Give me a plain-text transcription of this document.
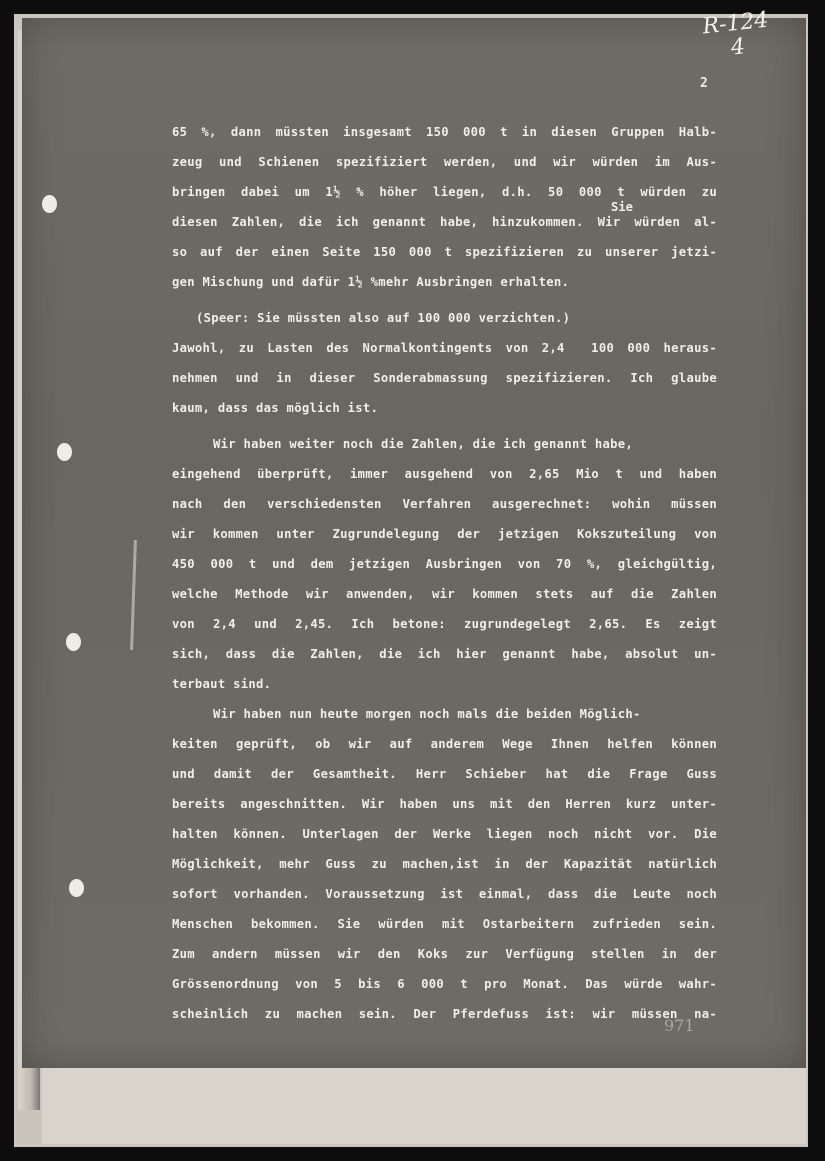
R-124
4
2
Sie
65 %, dann müssten insgesamt 150 000 t in diesen Gruppen Halb-
zeug und Schienen spezifiziert werden, und wir würden im Aus-
bringen dabei um 1½ % höher liegen, d.h. 50 000 t würden zu
diesen Zahlen, die ich genannt habe, hinzukommen. Wir würden al-
so auf der einen Seite 150 000 t spezifizieren zu unserer jetzi-
gen Mischung und dafür 1½ %mehr Ausbringen erhalten.
(Speer: Sie müssten also auf 100 000 verzichten.)
Jawohl, zu Lasten des Normalkontingents von 2,4  100 000 heraus-
nehmen und in dieser Sonderabmassung spezifizieren. Ich glaube
kaum, dass das möglich ist.
Wir haben weiter noch die Zahlen, die ich genannt habe,
eingehend überprüft, immer ausgehend von 2,65 Mio t und haben
nach den verschiedensten Verfahren ausgerechnet: wohin müssen
wir kommen unter Zugrundelegung der jetzigen Kokszuteilung von
450 000 t und dem jetzigen Ausbringen von 70 %, gleichgültig,
welche Methode wir anwenden, wir kommen stets auf die Zahlen
von 2,4 und 2,45. Ich betone: zugrundegelegt 2,65. Es zeigt
sich, dass die Zahlen, die ich hier genannt habe, absolut un-
terbaut sind.
Wir haben nun heute morgen noch mals die beiden Möglich-
keiten geprüft, ob wir auf anderem Wege Ihnen helfen können
und damit der Gesamtheit. Herr Schieber hat die Frage Guss
bereits angeschnitten. Wir haben uns mit den Herren kurz unter-
halten können. Unterlagen der Werke liegen noch nicht vor. Die
Möglichkeit, mehr Guss zu machen,ist in der Kapazität natürlich
sofort vorhanden. Voraussetzung ist einmal, dass die Leute noch
Menschen bekommen. Sie würden mit Ostarbeitern zufrieden sein.
Zum andern müssen wir den Koks zur Verfügung stellen in der
Grössenordnung von 5 bis 6 000 t pro Monat. Das würde wahr-
scheinlich zu machen sein. Der Pferdefuss ist: wir müssen na-
971
